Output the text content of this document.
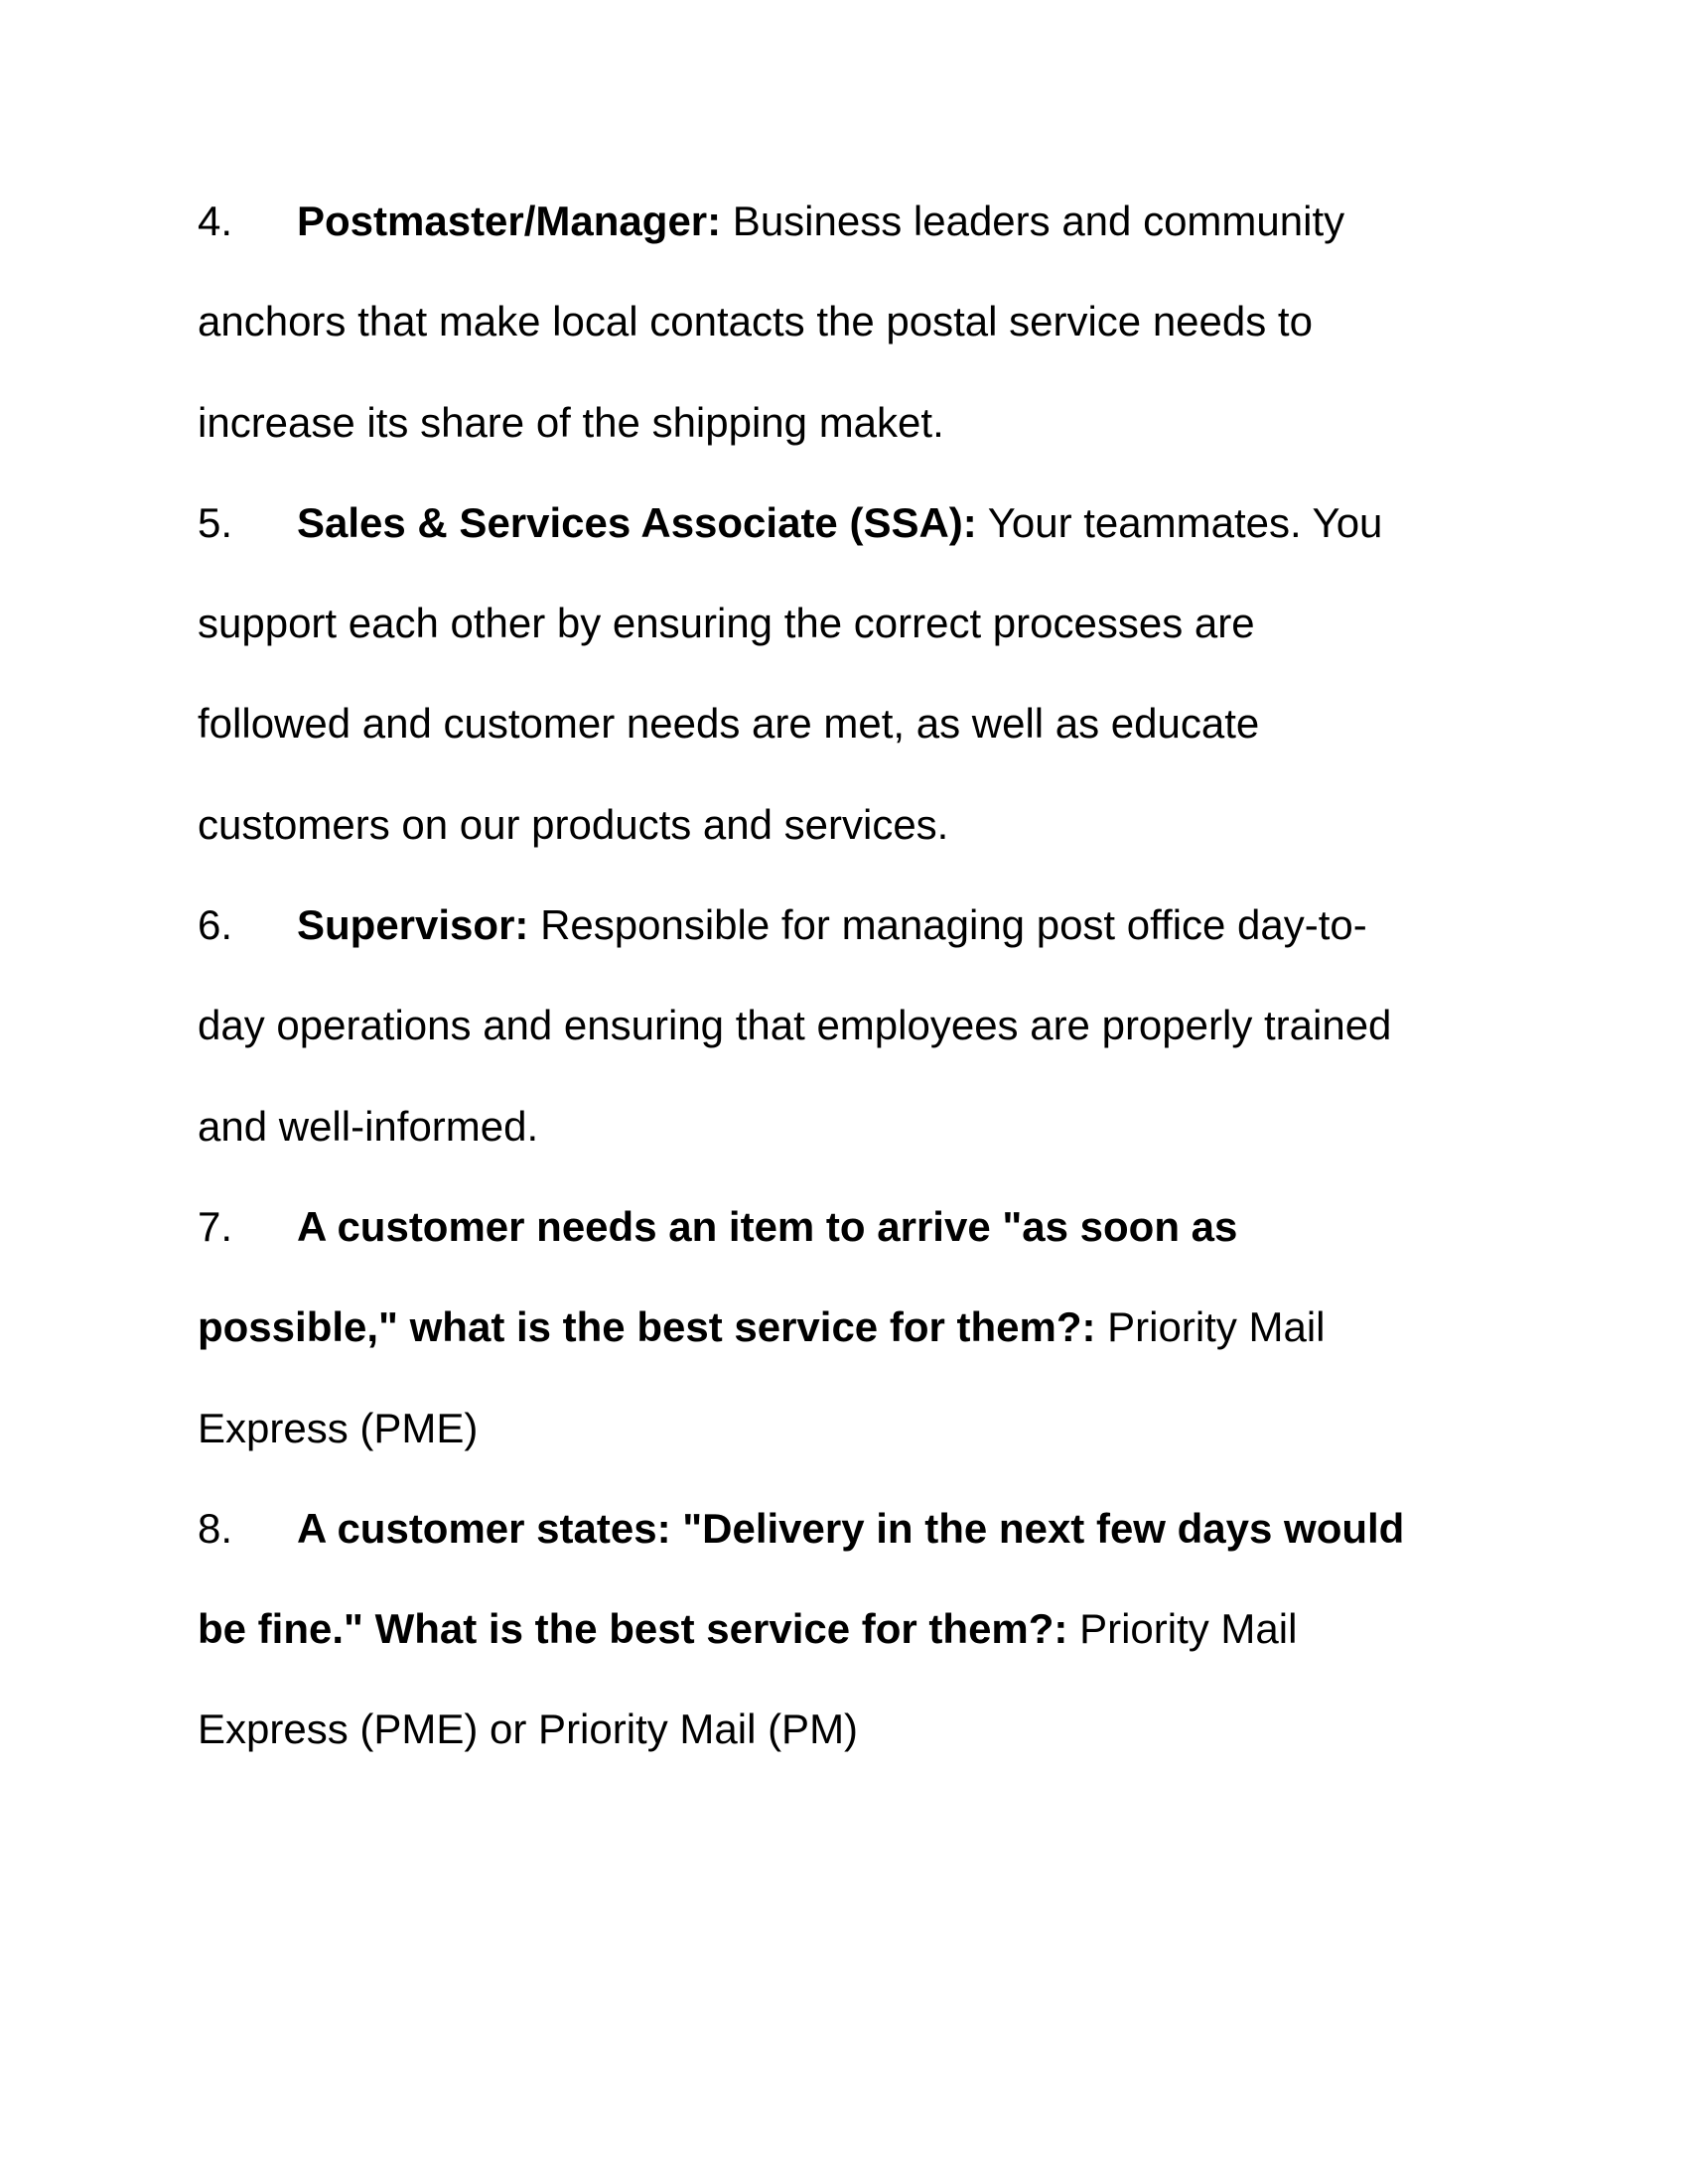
4. Postmaster/Manager: Business leaders and community
anchors that make local contacts the postal service needs to
increase its share of the shipping maket.
5. Sales & Services Associate (SSA): Your teammates. You
support each other by ensuring the correct processes are
followed and customer needs are met, as well as educate
customers on our products and services.
6. Supervisor: Responsible for managing post office day-to-
day operations and ensuring that employees are properly trained
and well-informed.
7. A customer needs an item to arrive "as soon as
possible," what is the best service for them?: Priority Mail
Express (PME)
8. A customer states: "Delivery in the next few days would
be fine." What is the best service for them?: Priority Mail
Express (PME) or Priority Mail (PM)
